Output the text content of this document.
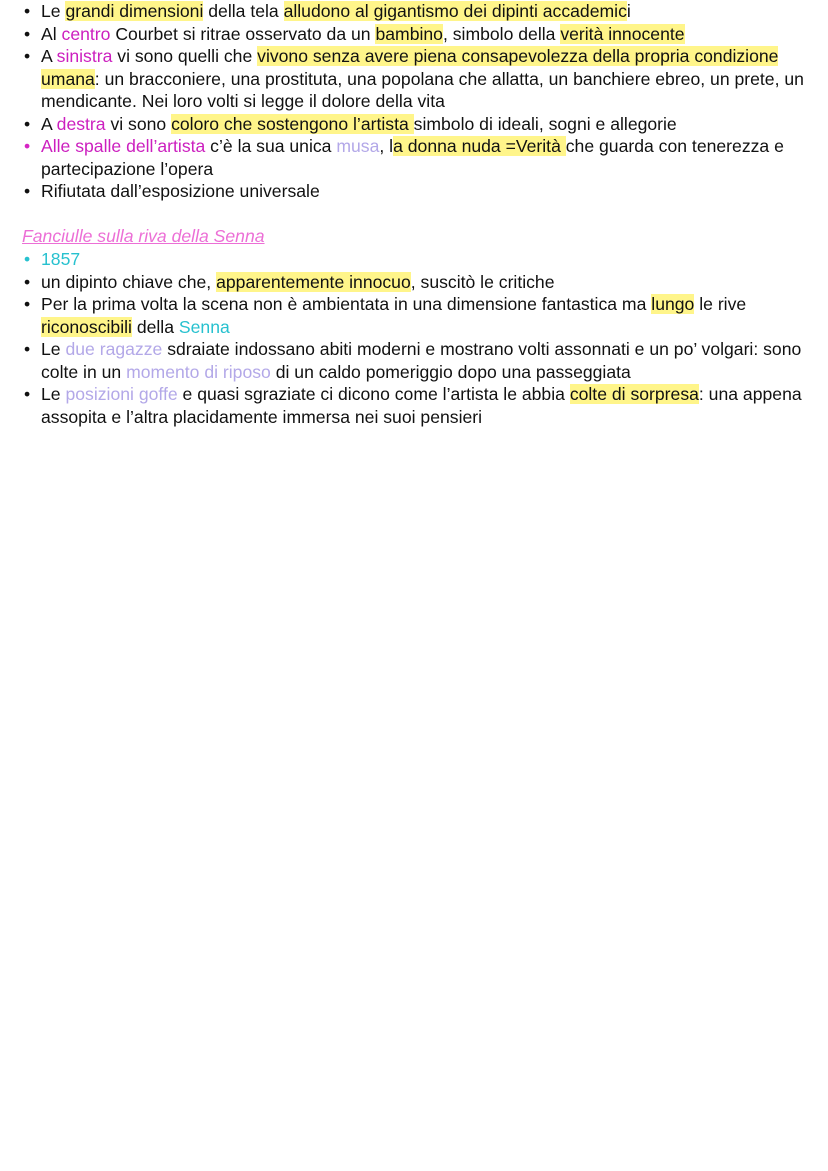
• Le grandi dimensioni della tela alludono al gigantismo dei dipinti accademici
• Al centro Courbet si ritrae osservato da un bambino, simbolo della verità innocente
• A sinistra vi sono quelli che vivono senza avere piena consapevolezza della propria condizione umana: un bracconiere, una prostituta, una popolana che allatta, un banchiere ebreo, un prete, un mendicante. Nei loro volti si legge il dolore della vita
• A destra vi sono coloro che sostengono l’artista simbolo di ideali, sogni e allegorie
• Alle spalle dell’artista c’è la sua unica musa, la donna nuda =Verità che guarda con tenerezza e partecipazione l’opera
• Rifiutata dall’esposizione universale
Fanciulle sulla riva della Senna
• 1857
• un dipinto chiave che, apparentemente innocuo, suscitò le critiche
• Per la prima volta la scena non è ambientata in una dimensione fantastica ma lungo le rive riconoscibili della Senna
• Le due ragazze sdraiate indossano abiti moderni e mostrano volti assonnati e un po’ volgari: sono colte in un momento di riposo di un caldo pomeriggio dopo una passeggiata
• Le posizioni goffe e quasi sgraziate ci dicono come l’artista le abbia colte di sorpresa: una appena assopita e l’altra placidamente immersa nei suoi pensieri
